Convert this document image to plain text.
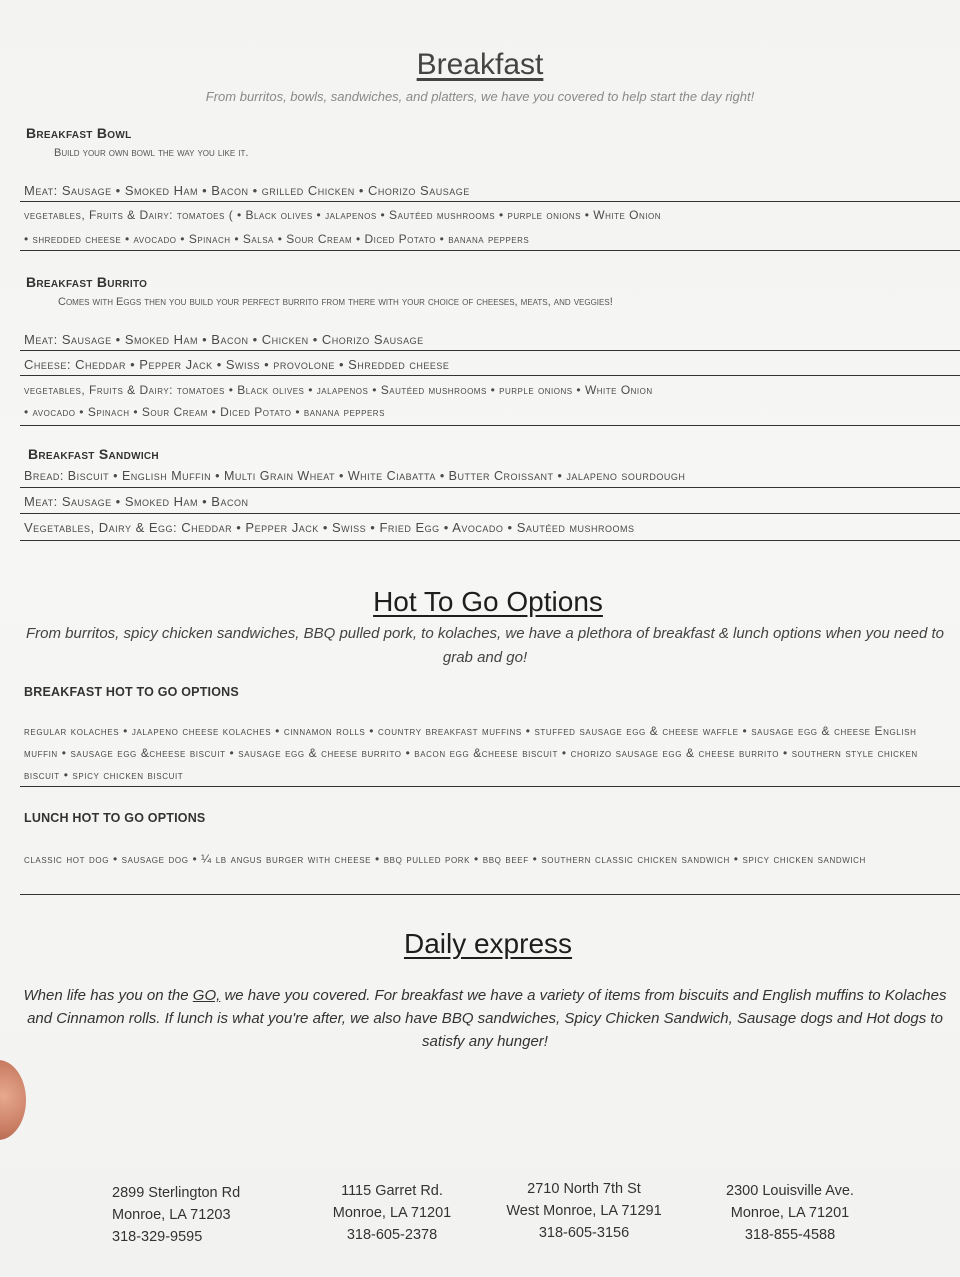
Breakfast
From burritos, bowls, sandwiches, and platters, we have you covered to help start the day right!
Breakfast Bowl
Build your own bowl the way you like it.
Meat: Sausage • Smoked Ham • Bacon • grilled Chicken • Chorizo Sausage
vegetables, Fruits & Dairy: tomatoes ( • Black olives • jalapenos • Sautéed mushrooms • purple onions • White Onion
• shredded cheese • avocado • Spinach • Salsa • Sour Cream • Diced Potato • banana peppers
Breakfast Burrito
Comes with Eggs then you build your perfect burrito from there with your choice of cheeses, meats, and veggies!
Meat: Sausage • Smoked Ham • Bacon • Chicken • Chorizo Sausage
Cheese: Cheddar • Pepper Jack • Swiss • provolone • Shredded cheese
vegetables, Fruits & Dairy: tomatoes • Black olives • jalapenos • Sautéed mushrooms • purple onions • White Onion
• avocado • Spinach • Sour Cream • Diced Potato • banana peppers
Breakfast Sandwich
Bread: Biscuit • English Muffin • Multi Grain Wheat • White Ciabatta • Butter Croissant • jalapeno sourdough
Meat: Sausage • Smoked Ham • Bacon
Vegetables, Dairy & Egg: Cheddar • Pepper Jack • Swiss • Fried Egg • Avocado • Sautéed mushrooms
Hot To Go Options
From burritos, spicy chicken sandwiches, BBQ pulled pork, to kolaches, we have a plethora of breakfast & lunch options when you need to grab and go!
BREAKFAST HOT TO GO OPTIONS
regular kolaches • jalapeno cheese kolaches • cinnamon rolls • country breakfast muffins • stuffed sausage egg & cheese waffle • sausage egg & cheese English muffin • sausage egg &cheese biscuit • sausage egg & cheese burrito • bacon egg &cheese biscuit • chorizo sausage egg & cheese burrito • southern style chicken biscuit • spicy chicken biscuit
LUNCH HOT TO GO OPTIONS
classic hot dog • sausage dog • ¼ lb angus burger with cheese • bbq pulled pork • bbq beef • southern classic chicken sandwich • spicy chicken sandwich
Daily express
When life has you on the GO, we have you covered. For breakfast we have a variety of items from biscuits and English muffins to Kolaches and Cinnamon rolls. If lunch is what you're after, we also have BBQ sandwiches, Spicy Chicken Sandwich, Sausage dogs and Hot dogs to satisfy any hunger!
2899 Sterlington Rd
Monroe, LA 71203
318-329-9595
1115 Garret Rd.
Monroe, LA 71201
318-605-2378
2710 North 7th St
West Monroe, LA 71291
318-605-3156
2300 Louisville Ave.
Monroe, LA 71201
318-855-4588
